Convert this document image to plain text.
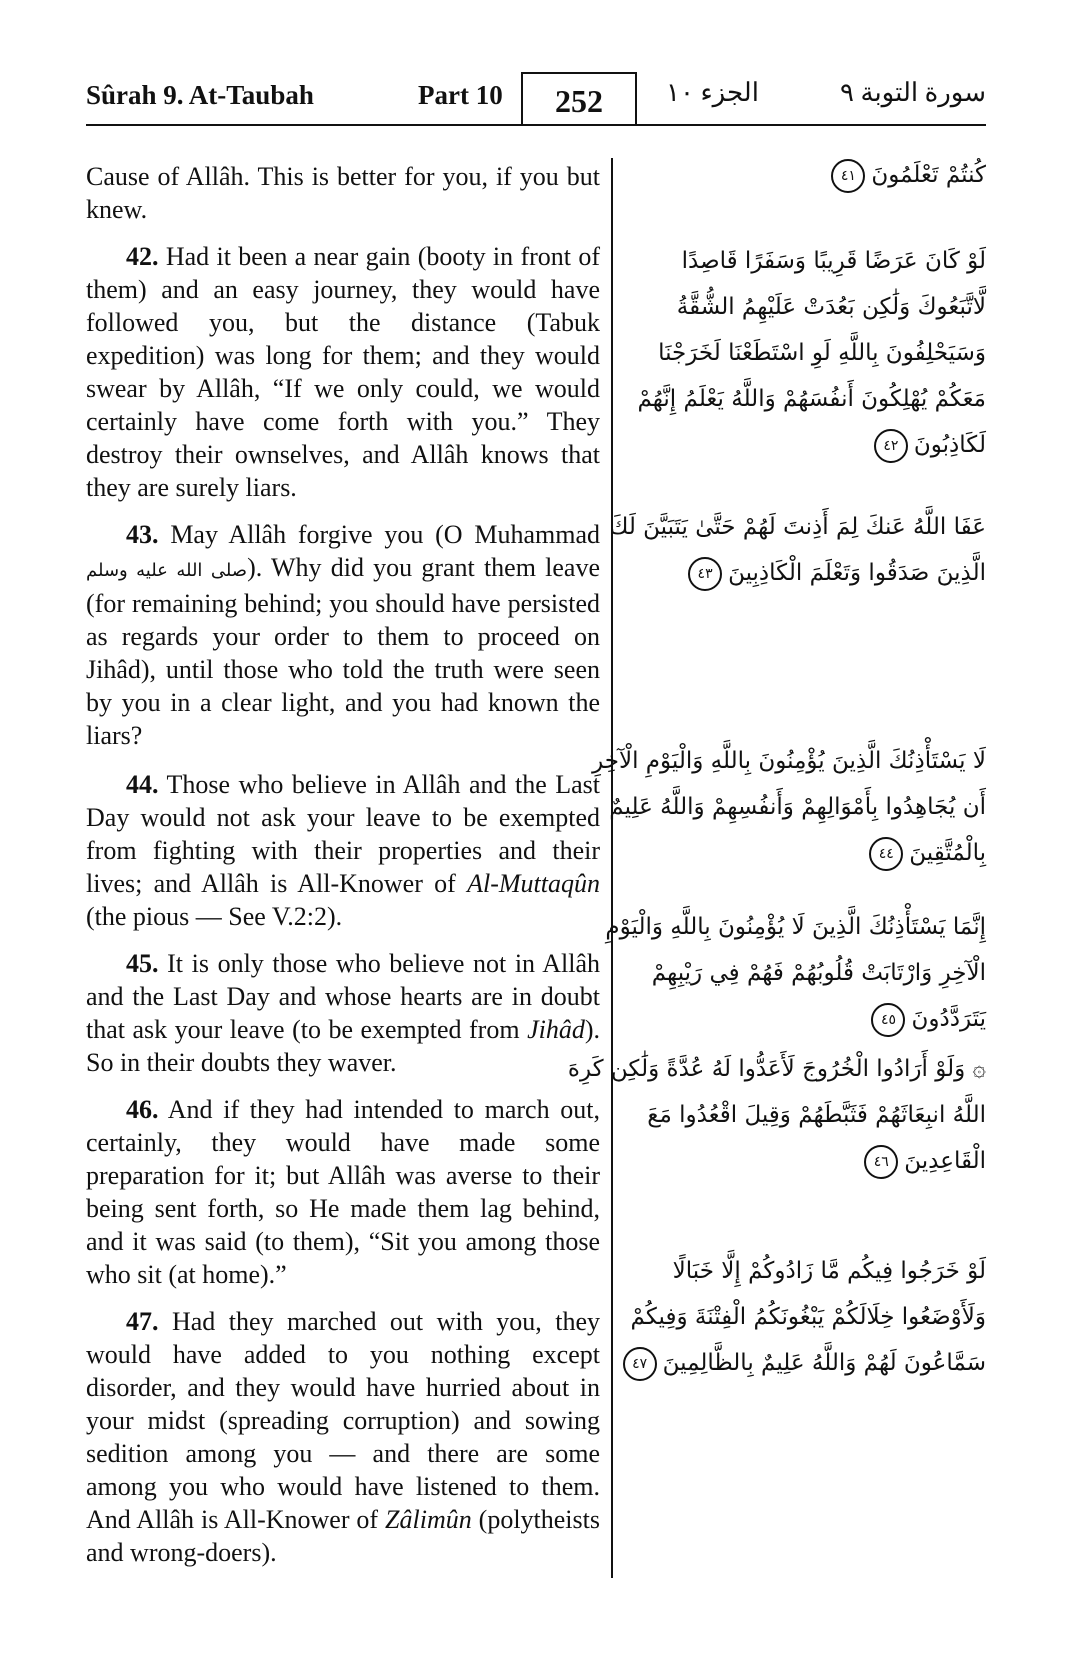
Sûrah 9. At-Taubah	Part 10	252	الجزء ١٠	سورة التوبة ٩

Cause of Allâh. This is better for you, if you but knew.

42. Had it been a near gain (booty in front of them) and an easy journey, they would have followed you, but the distance (Tabuk expedition) was long for them; and they would swear by Allâh, “If we only could, we would certainly have come forth with you.” They destroy their ownselves, and Allâh knows that they are surely liars.

43. May Allâh forgive you (O Muhammad صلى الله عليه وسلم). Why did you grant them leave (for remaining behind; you should have persisted as regards your order to them to proceed on Jihâd), until those who told the truth were seen by you in a clear light, and you had known the liars?

44. Those who believe in Allâh and the Last Day would not ask your leave to be exempted from fighting with their properties and their lives; and Allâh is All-Knower of Al-Muttaqûn (the pious — See V.2:2).

45. It is only those who believe not in Allâh and the Last Day and whose hearts are in doubt that ask your leave (to be exempted from Jihâd). So in their doubts they waver.

46. And if they had intended to march out, certainly, they would have made some preparation for it; but Allâh was averse to their being sent forth, so He made them lag behind, and it was said (to them), “Sit you among those who sit (at home).”

47. Had they marched out with you, they would have added to you nothing except disorder, and they would have hurried about in your midst (spreading corruption) and sowing sedition among you — and there are some among you who would have listened to them. And Allâh is All-Knower of Zâlimûn (polytheists and wrong-doers).

كُنتُمْ تَعْلَمُونَ٤١
لَوْ كَانَ عَرَضًا قَرِيبًا وَسَفَرًا قَاصِدًا
لَّاتَّبَعُوكَ وَلَٰكِن بَعُدَتْ عَلَيْهِمُ الشُّقَّةُ
وَسَيَحْلِفُونَ بِاللَّهِ لَوِ اسْتَطَعْنَا لَخَرَجْنَا
مَعَكُمْ يُهْلِكُونَ أَنفُسَهُمْ وَاللَّهُ يَعْلَمُ إِنَّهُمْ
لَكَاذِبُونَ٤٢
عَفَا اللَّهُ عَنكَ لِمَ أَذِنتَ لَهُمْ حَتَّىٰ يَتَبَيَّنَ لَكَ
الَّذِينَ صَدَقُوا وَتَعْلَمَ الْكَاذِبِينَ٤٣
لَا يَسْتَأْذِنُكَ الَّذِينَ يُؤْمِنُونَ بِاللَّهِ وَالْيَوْمِ الْآخِرِ
أَن يُجَاهِدُوا بِأَمْوَالِهِمْ وَأَنفُسِهِمْ وَاللَّهُ عَلِيمٌ
بِالْمُتَّقِينَ٤٤
إِنَّمَا يَسْتَأْذِنُكَ الَّذِينَ لَا يُؤْمِنُونَ بِاللَّهِ وَالْيَوْمِ
الْآخِرِ وَارْتَابَتْ قُلُوبُهُمْ فَهُمْ فِي رَيْبِهِمْ
يَتَرَدَّدُونَ٤٥
۞ وَلَوْ أَرَادُوا الْخُرُوجَ لَأَعَدُّوا لَهُ عُدَّةً وَلَٰكِن كَرِهَ
اللَّهُ انبِعَاثَهُمْ فَثَبَّطَهُمْ وَقِيلَ اقْعُدُوا مَعَ
الْقَاعِدِينَ٤٦
لَوْ خَرَجُوا فِيكُم مَّا زَادُوكُمْ إِلَّا خَبَالًا
وَلَأَوْضَعُوا خِلَالَكُمْ يَبْغُونَكُمُ الْفِتْنَةَ وَفِيكُمْ
سَمَّاعُونَ لَهُمْ وَاللَّهُ عَلِيمٌ بِالظَّالِمِينَ٤٧
